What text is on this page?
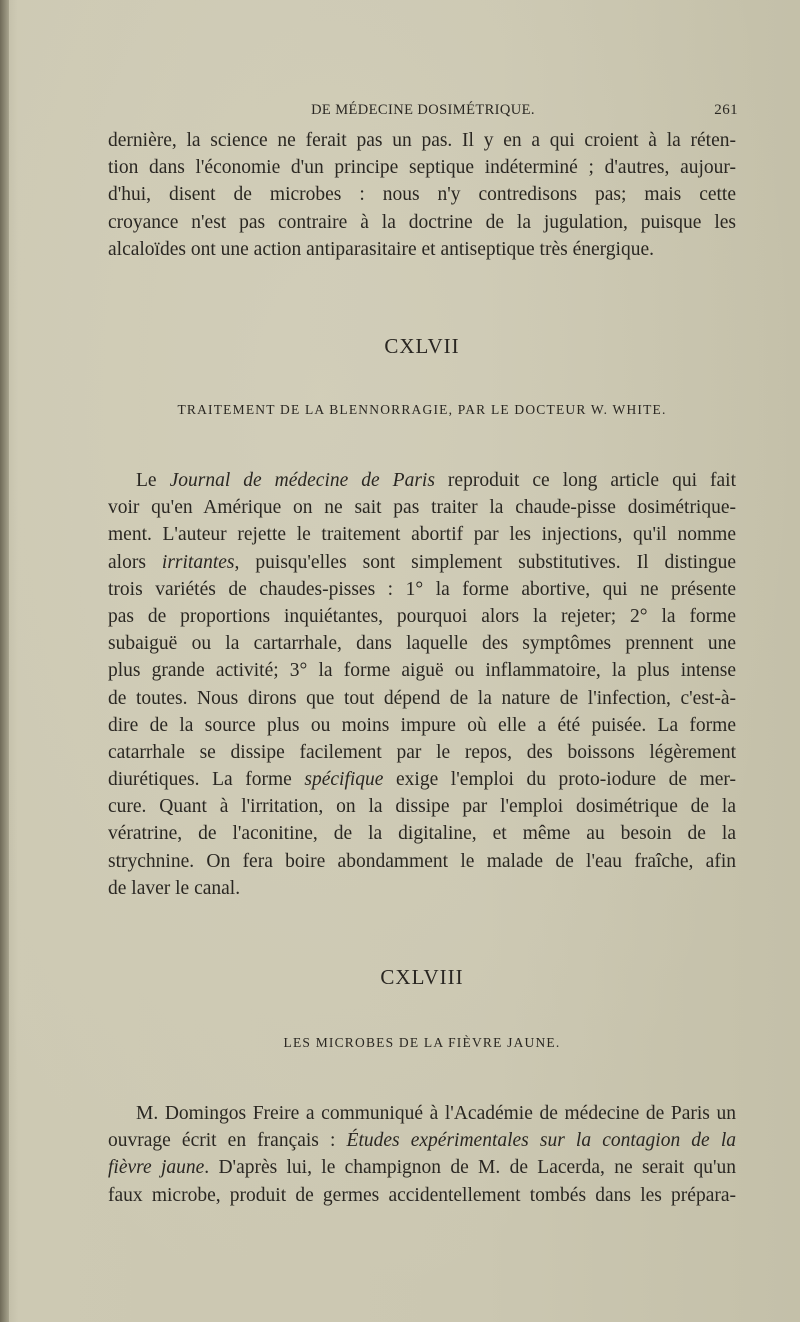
DE MÉDECINE DOSIMÉTRIQUE.	261
dernière, la science ne ferait pas un pas. Il y en a qui croient à la réten-
tion dans l'économie d'un principe septique indéterminé ; d'autres, aujour-
d'hui, disent de microbes : nous n'y contredisons pas; mais cette
croyance n'est pas contraire à la doctrine de la jugulation, puisque les
alcaloïdes ont une action antiparasitaire et antiseptique très énergique.
CXLVII
TRAITEMENT DE LA BLENNORRAGIE, PAR LE DOCTEUR W. WHITE.
Le Journal de médecine de Paris reproduit ce long article qui fait
voir qu'en Amérique on ne sait pas traiter la chaude-pisse dosimétrique-
ment. L'auteur rejette le traitement abortif par les injections, qu'il nomme
alors irritantes, puisqu'elles sont simplement substitutives. Il distingue
trois variétés de chaudes-pisses : 1° la forme abortive, qui ne présente
pas de proportions inquiétantes, pourquoi alors la rejeter; 2° la forme
subaiguë ou la cartarrhale, dans laquelle des symptômes prennent une
plus grande activité; 3° la forme aiguë ou inflammatoire, la plus intense
de toutes. Nous dirons que tout dépend de la nature de l'infection, c'est-à-
dire de la source plus ou moins impure où elle a été puisée. La forme
catarrhale se dissipe facilement par le repos, des boissons légèrement
diurétiques. La forme spécifique exige l'emploi du proto-iodure de mer-
cure. Quant à l'irritation, on la dissipe par l'emploi dosimétrique de la
vératrine, de l'aconitine, de la digitaline, et même au besoin de la
strychnine. On fera boire abondamment le malade de l'eau fraîche, afin
de laver le canal.
CXLVIII
LES MICROBES DE LA FIÈVRE JAUNE.
M. Domingos Freire a communiqué à l'Académie de médecine de Paris un
ouvrage écrit en français : Études expérimentales sur la contagion de la
fièvre jaune. D'après lui, le champignon de M. de Lacerda, ne serait qu'un
faux microbe, produit de germes accidentellement tombés dans les prépara-
